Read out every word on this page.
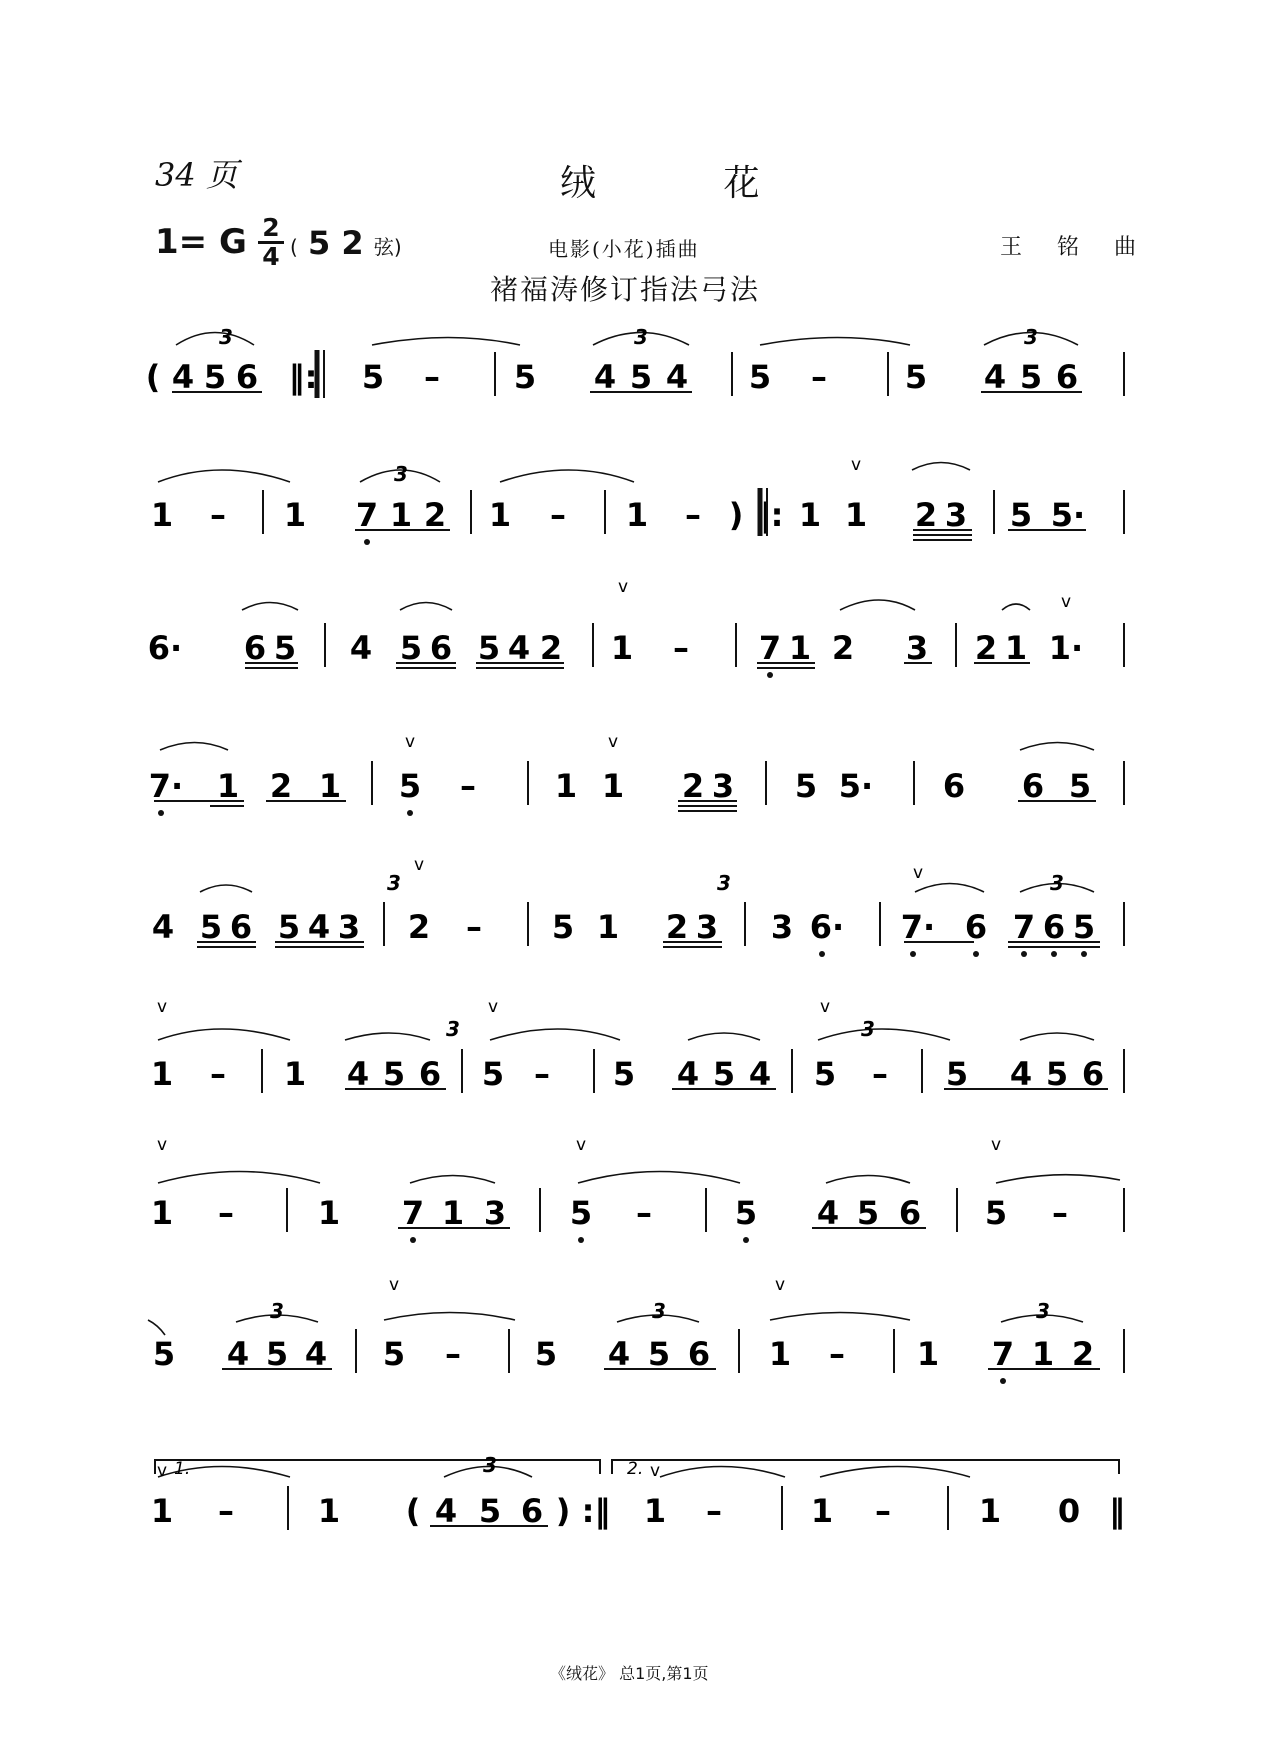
34 页	绒 花
1= G 2
4 ( 5 2 弦)	电影(小花)插曲	王 铭 曲
褚福涛修订指法弓法
( 4 5 6 ‖: 5 – 5 4 5 4 5 – 5 4 5 6
1 – 1 7 1 2 1 – 1 – ) ‖: 1 1 2 3 5 5·
6· 6 5 4 5 6 5 4 2 1 – 7 1 2 3 2 1 1·
7· 1 2 1 5 – 1 1 2 3 5 5· 6 6 5
4 5 6 5 4 3 2 – 5 1 2 3 3 6· 7· 6 7 6 5
1 – 1 4 5 6 5 – 5 4 5 4 5 – 5 4 5 6
1 –	1 7 1 3 5 –	5 4 5 6 5 –
5 4 5 4 5 – 5 4 5 6 1 – 1 7 1 2
1 –	1 ( 4 5 6 ) :‖ 1 –	1 –	1 0 ‖
3	3	3
3
3	3	3
3	3
3	3	3
3
v
v
v
v	v
v	v
v	v	v
v	v	v
v	v
v	v
1.	2.
《绒花》 总1页,第1页
